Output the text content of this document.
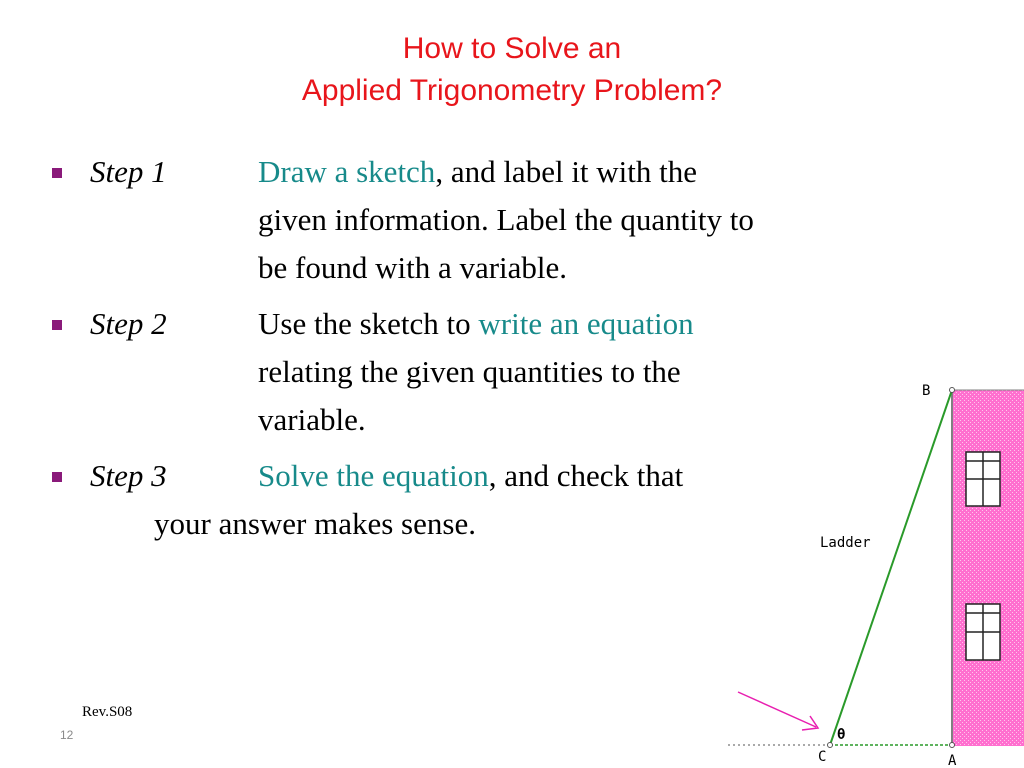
How to Solve an
Applied Trigonometry Problem?
Step 1	Draw a sketch, and label it with the
given information. Label the quantity to
be found with a variable.
Step 2	Use the sketch to write an equation
relating the given quantities to the
variable.
Step 3	Solve the equation, and check that
your answer makes sense.
B
C	A
Ladder
θ
Rev.S08
12
